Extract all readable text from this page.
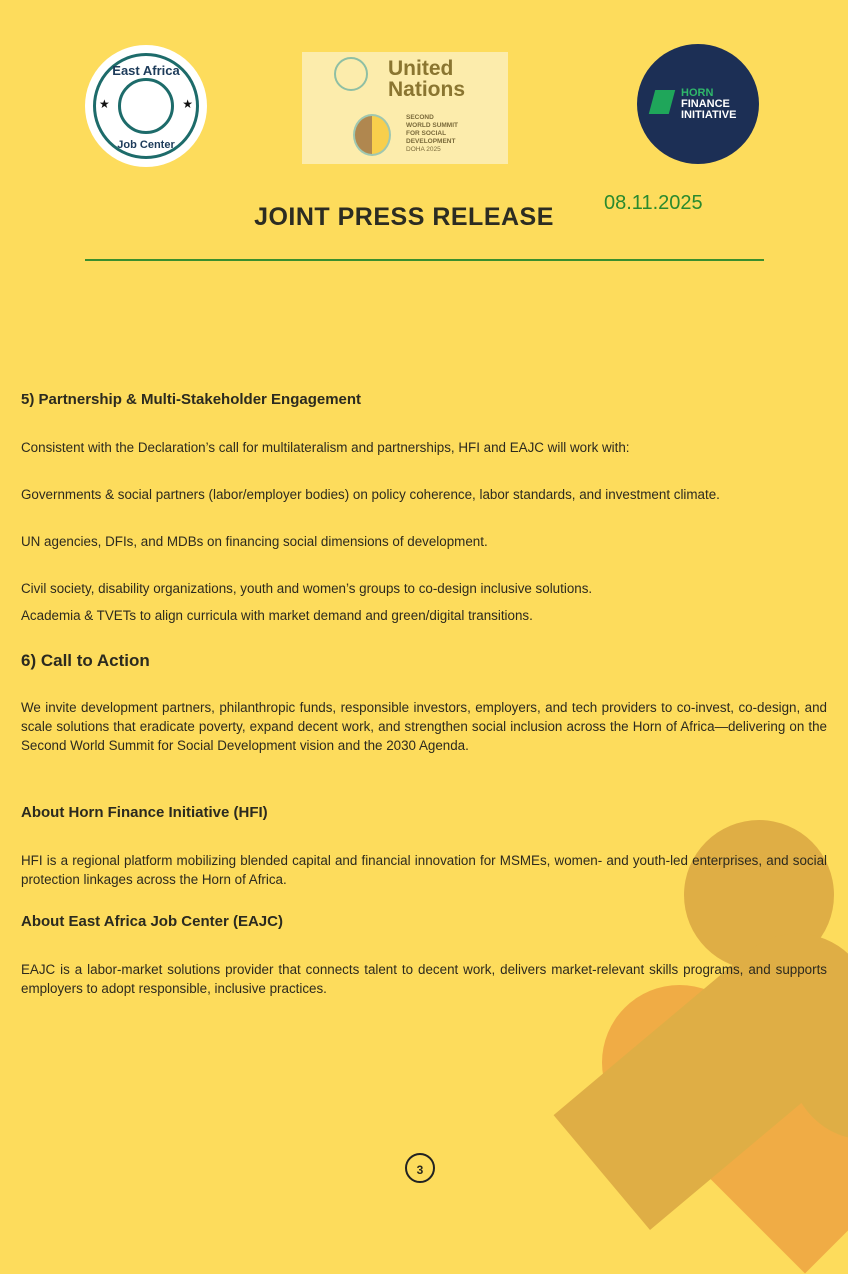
East Africa
★	★
Job Center
United
Nations
SECOND
WORLD SUMMIT
FOR SOCIAL
DEVELOPMENT
DOHA 2025
HORN
FINANCE
INITIATIVE
JOINT PRESS RELEASE	08.11.2025
5) Partnership & Multi-Stakeholder Engagement
Consistent with the Declaration’s call for multilateralism and partnerships, HFI and EAJC will work with:
Governments & social partners (labor/employer bodies) on policy coherence, labor standards, and investment climate.
UN agencies, DFIs, and MDBs on financing social dimensions of development.
Civil society, disability organizations, youth and women’s groups to co-design inclusive solutions.
Academia & TVETs to align curricula with market demand and green/digital transitions.
6) Call to Action
We invite development partners, philanthropic funds, responsible investors, employers, and tech providers to co-invest, co-design, and scale solutions that eradicate poverty, expand decent work, and strengthen social inclusion across the Horn of Africa—delivering on the Second World Summit for Social Development vision and the 2030 Agenda.
About Horn Finance Initiative (HFI)
HFI is a regional platform mobilizing blended capital and financial innovation for MSMEs, women- and youth-led enterprises, and social protection linkages across the Horn of Africa.
About East Africa Job Center (EAJC)
EAJC is a labor-market solutions provider that connects talent to decent work, delivers market-relevant skills programs, and supports employers to adopt responsible, inclusive practices.
3
